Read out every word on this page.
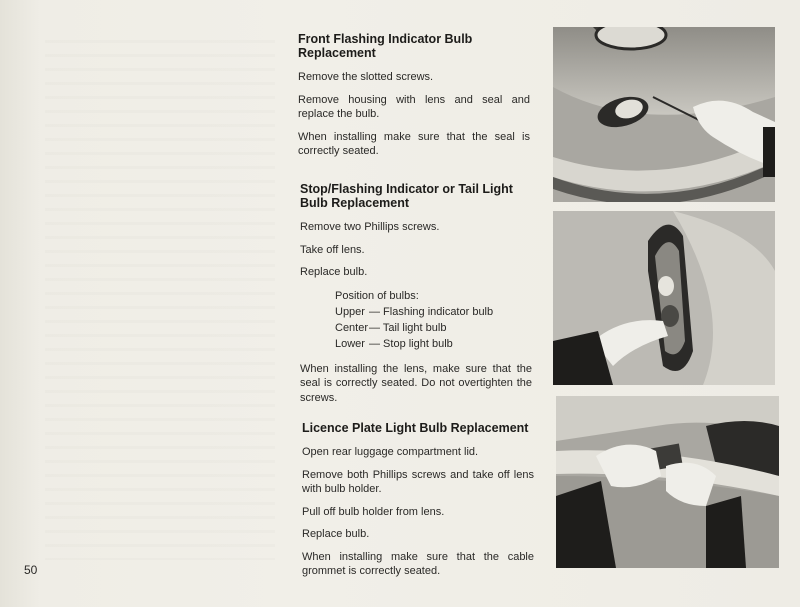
50
Front Flashing Indicator Bulb Replacement

Remove the slotted screws.

Remove housing with lens and seal and replace the bulb.

When installing make sure that the seal is correctly seated.

Stop/Flashing Indicator or Tail Light Bulb Replacement

Remove two Phillips screws.

Take off lens.

Replace bulb.

Position of bulbs:
Upper — Flashing indicator bulb
Center — Tail light bulb
Lower — Stop light bulb

When installing the lens, make sure that the seal is correctly seated. Do not overtighten the screws.

Licence Plate Light Bulb Replacement

Open rear luggage compartment lid.

Remove both Phillips screws and take off lens with bulb holder.

Pull off bulb holder from lens.

Replace bulb.

When installing make sure that the cable grommet is correctly seated.
